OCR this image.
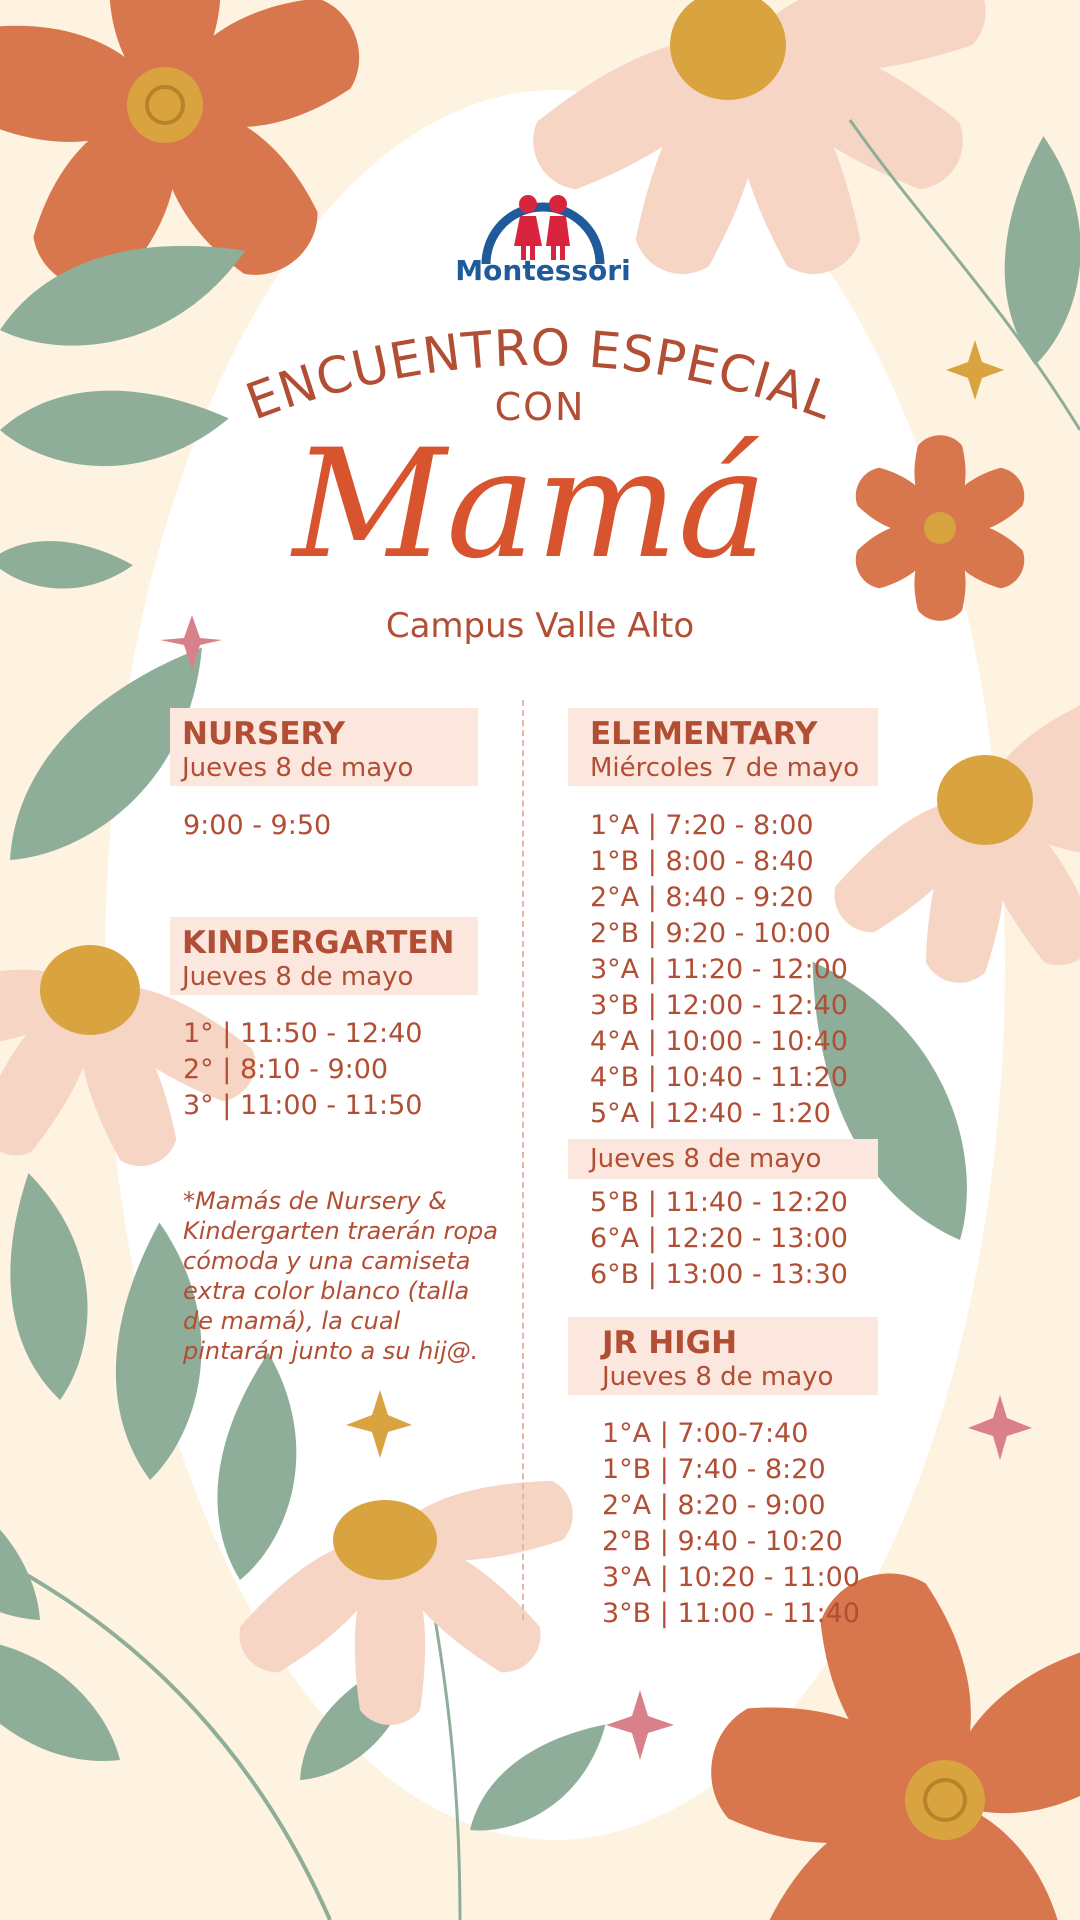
Montessori
ENCUENTRO ESPECIAL
CON
Mamá
Campus Valle Alto
NURSERY
Jueves 8 de mayo
9:00 - 9:50
KINDERGARTEN
Jueves 8 de mayo
1° | 11:50 - 12:40
2° | 8:10 - 9:00
3° | 11:00 - 11:50
*Mamás de Nursery & Kindergarten traerán ropa cómoda y una camiseta extra color blanco (talla de mamá), la cual pintarán junto a su hij@.
ELEMENTARY
Miércoles 7 de mayo
1°A | 7:20 - 8:00
1°B | 8:00 - 8:40
2°A | 8:40 - 9:20
2°B | 9:20 - 10:00
3°A | 11:20 - 12:00
3°B | 12:00 - 12:40
4°A | 10:00 - 10:40
4°B | 10:40 - 11:20
5°A | 12:40 - 1:20
Jueves 8 de mayo
5°B | 11:40 - 12:20
6°A | 12:20 - 13:00
6°B | 13:00 - 13:30
JR HIGH
Jueves 8 de mayo
1°A | 7:00-7:40
1°B | 7:40 - 8:20
2°A | 8:20 - 9:00
2°B | 9:40 - 10:20
3°A | 10:20 - 11:00
3°B | 11:00 - 11:40
